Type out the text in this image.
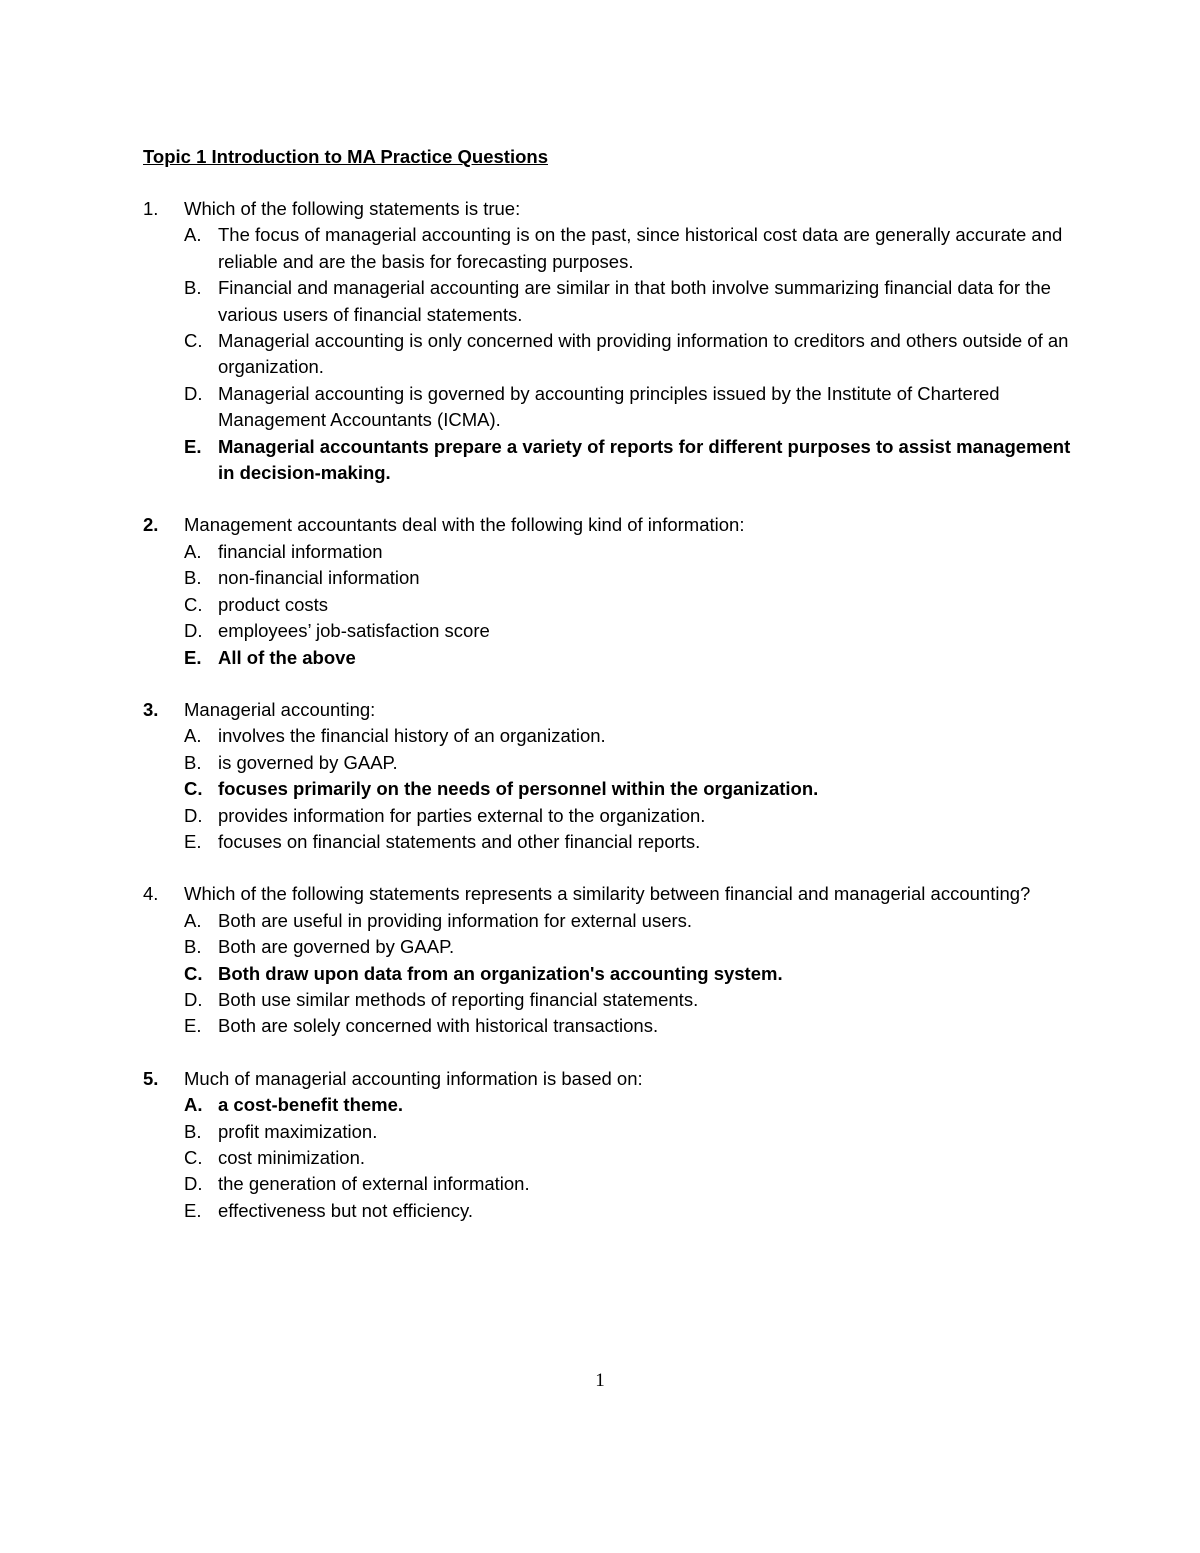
Topic 1 Introduction to MA Practice Questions
1.	Which of the following statements is true:
A. The focus of managerial accounting is on the past, since historical cost data are generally accurate and reliable and are the basis for forecasting purposes.
B. Financial and managerial accounting are similar in that both involve summarizing financial data for the various users of financial statements.
C. Managerial accounting is only concerned with providing information to creditors and others outside of an organization.
D. Managerial accounting is governed by accounting principles issued by the Institute of Chartered Management Accountants (ICMA).
E. Managerial accountants prepare a variety of reports for different purposes to assist management in decision-making.
2.	Management accountants deal with the following kind of information:
A. financial information
B. non-financial information
C. product costs
D. employees’ job-satisfaction score
E. All of the above
3.	Managerial accounting:
A. involves the financial history of an organization.
B. is governed by GAAP.
C. focuses primarily on the needs of personnel within the organization.
D. provides information for parties external to the organization.
E. focuses on financial statements and other financial reports.
4.	Which of the following statements represents a similarity between financial and managerial accounting?
A. Both are useful in providing information for external users.
B. Both are governed by GAAP.
C. Both draw upon data from an organization's accounting system.
D. Both use similar methods of reporting financial statements.
E. Both are solely concerned with historical transactions.
5.	Much of managerial accounting information is based on:
A. a cost-benefit theme.
B. profit maximization.
C. cost minimization.
D. the generation of external information.
E. effectiveness but not efficiency.
1
